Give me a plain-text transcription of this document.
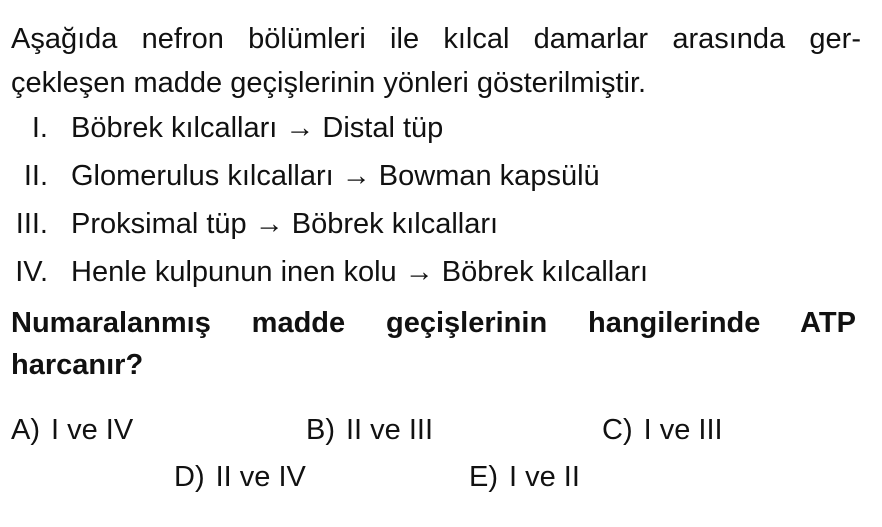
Aşağıda nefron bölümleri ile kılcal damarlar arasında ger-çekleşen madde geçişlerinin yönleri gösterilmiştir.
I. Böbrek kılcalları → Distal tüp
II. Glomerulus kılcalları → Bowman kapsülü
III. Proksimal tüp → Böbrek kılcalları
IV. Henle kulpunun inen kolu → Böbrek kılcalları
Numaralanmış madde geçişlerinin hangilerinde ATP harcanır?
A) I ve IV	B) II ve III	C) I ve III
D) II ve IV	E) I ve II
